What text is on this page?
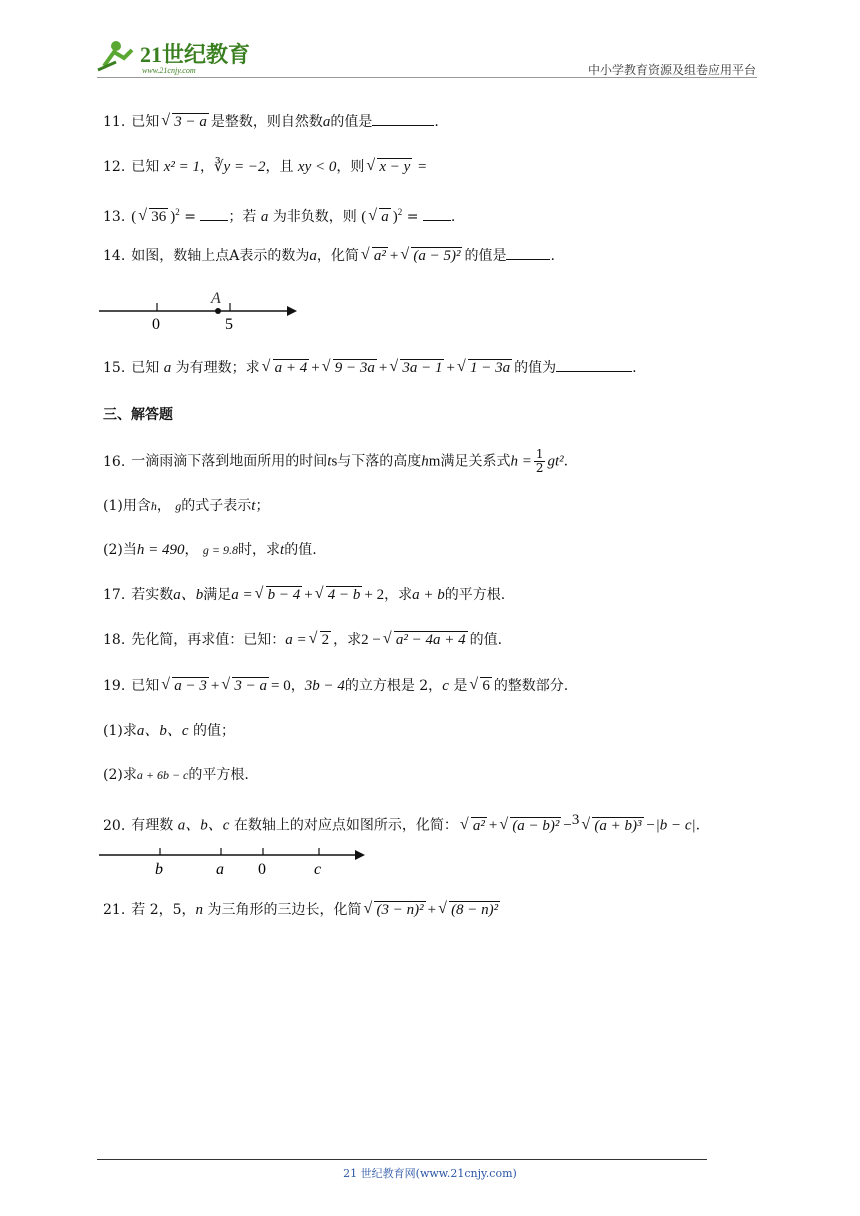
21世纪教育
www.21cnjy.com	中小学教育资源及组卷应用平台
11. 已知 √ 3 − a 是整数，则自然数a的值是	.
12. 已知 x² = 1，∛y = −2，且 xy < 0，则 √ x − y =
13. ( √ 36 )$^2$ = ；若 a 为非负数，则 ( √ a )$^2$ = .
14. 如图，数轴上点A表示的数为a，化简 √ a² + √ (a − 5)² 的值是	.
A
0	5
15. 已知 a 为有理数；求 √ a + 4 + √ 9 − 3a + √ 3a − 1 + √ 1 − 3a 的值为	.
三、解答题
16. 一滴雨滴下落到地面所用的时间ts与下落的高度hm满足关系式$h = \frac{1}{2} gt^2$.
(1)用含h， g的式子表示t；
(2)当h = 490， g = 9.8时，求t的值.
17. 若实数a、b满足a = √ b − 4 + √ 4 − b + 2，求a + b的平方根.
18. 先化简，再求值：已知：a = √ 2 ，求2 − √ a² − 4a + 4 的值.
19. 已知 √ a − 3 + √ 3 − a = 0，3b − 4的立方根是 2，c 是 √ 6 的整数部分.
(1)求a、b、c 的值；
(2)求a + 6b − c的平方根.
20. 有理数 a、b、c 在数轴上的对应点如图所示，化简： √ a² + √ (a − b)² −$^3$ √ (a + b)³ −|b − c|.
b	a 0	c
21. 若 2，5，n 为三角形的三边长，化简 √ (3 − n)² + √ (8 − n)²
21 世纪教育网(www.21cnjy.com)
